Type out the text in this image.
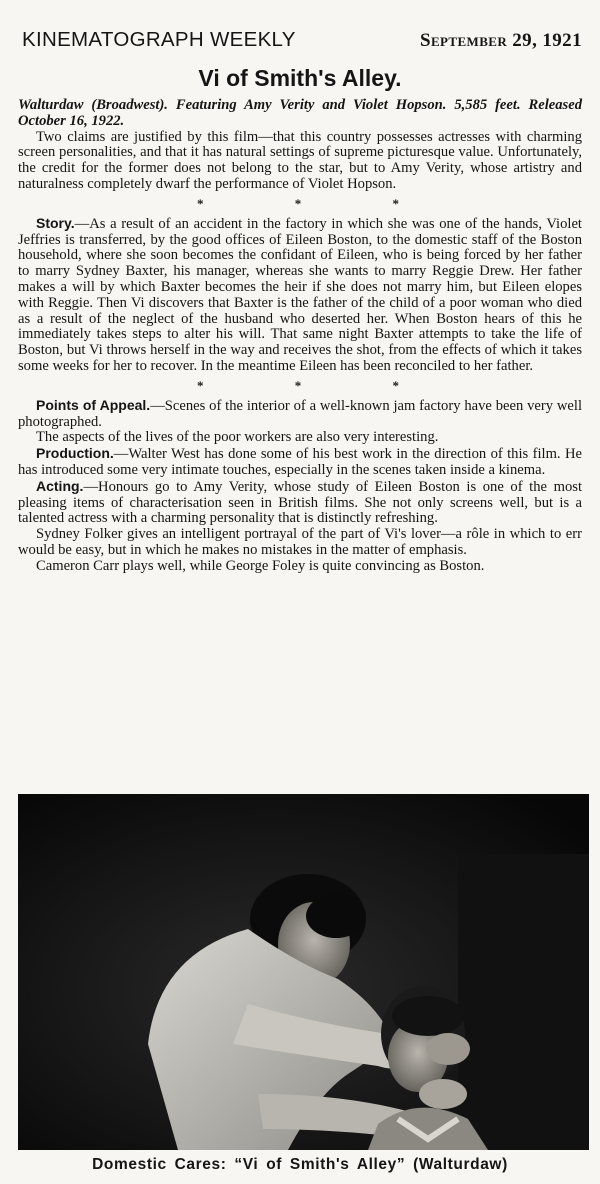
KINEMATOGRAPH WEEKLY	September 29, 1921
Vi of Smith's Alley.

Walturdaw (Broadwest). Featuring Amy Verity and Violet Hopson. 5,585 feet. Released October 16, 1922.

Two claims are justified by this film—that this country possesses actresses with charming screen personalities, and that it has natural settings of supreme picturesque value. Unfortunately, the credit for the former does not belong to the star, but to Amy Verity, whose artistry and naturalness completely dwarf the performance of Violet Hopson.

* * *

Story.—As a result of an accident in the factory in which she was one of the hands, Violet Jeffries is transferred, by the good offices of Eileen Boston, to the domestic staff of the Boston household, where she soon becomes the confidant of Eileen, who is being forced by her father to marry Sydney Baxter, his manager, whereas she wants to marry Reggie Drew. Her father makes a will by which Baxter becomes the heir if she does not marry him, but Eileen elopes with Reggie. Then Vi discovers that Baxter is the father of the child of a poor woman who died as a result of the neglect of the husband who deserted her. When Boston hears of this he immediately takes steps to alter his will. That same night Baxter attempts to take the life of Boston, but Vi throws herself in the way and receives the shot, from the effects of which it takes some weeks for her to recover. In the meantime Eileen has been reconciled to her father.

* * *

Points of Appeal.—Scenes of the interior of a well-known jam factory have been very well photographed.

The aspects of the lives of the poor workers are also very interesting.

Production.—Walter West has done some of his best work in the direction of this film. He has introduced some very intimate touches, especially in the scenes taken inside a kinema.

Acting.—Honours go to Amy Verity, whose study of Eileen Boston is one of the most pleasing items of characterisation seen in British films. She not only screens well, but is a talented actress with a charming personality that is distinctly refreshing.

Sydney Folker gives an intelligent portrayal of the part of Vi's lover—a rôle in which to err would be easy, but in which he makes no mistakes in the matter of emphasis.

Cameron Carr plays well, while George Foley is quite convincing as Boston.

Domestic Cares: “Vi of Smith's Alley” (Walturdaw)
